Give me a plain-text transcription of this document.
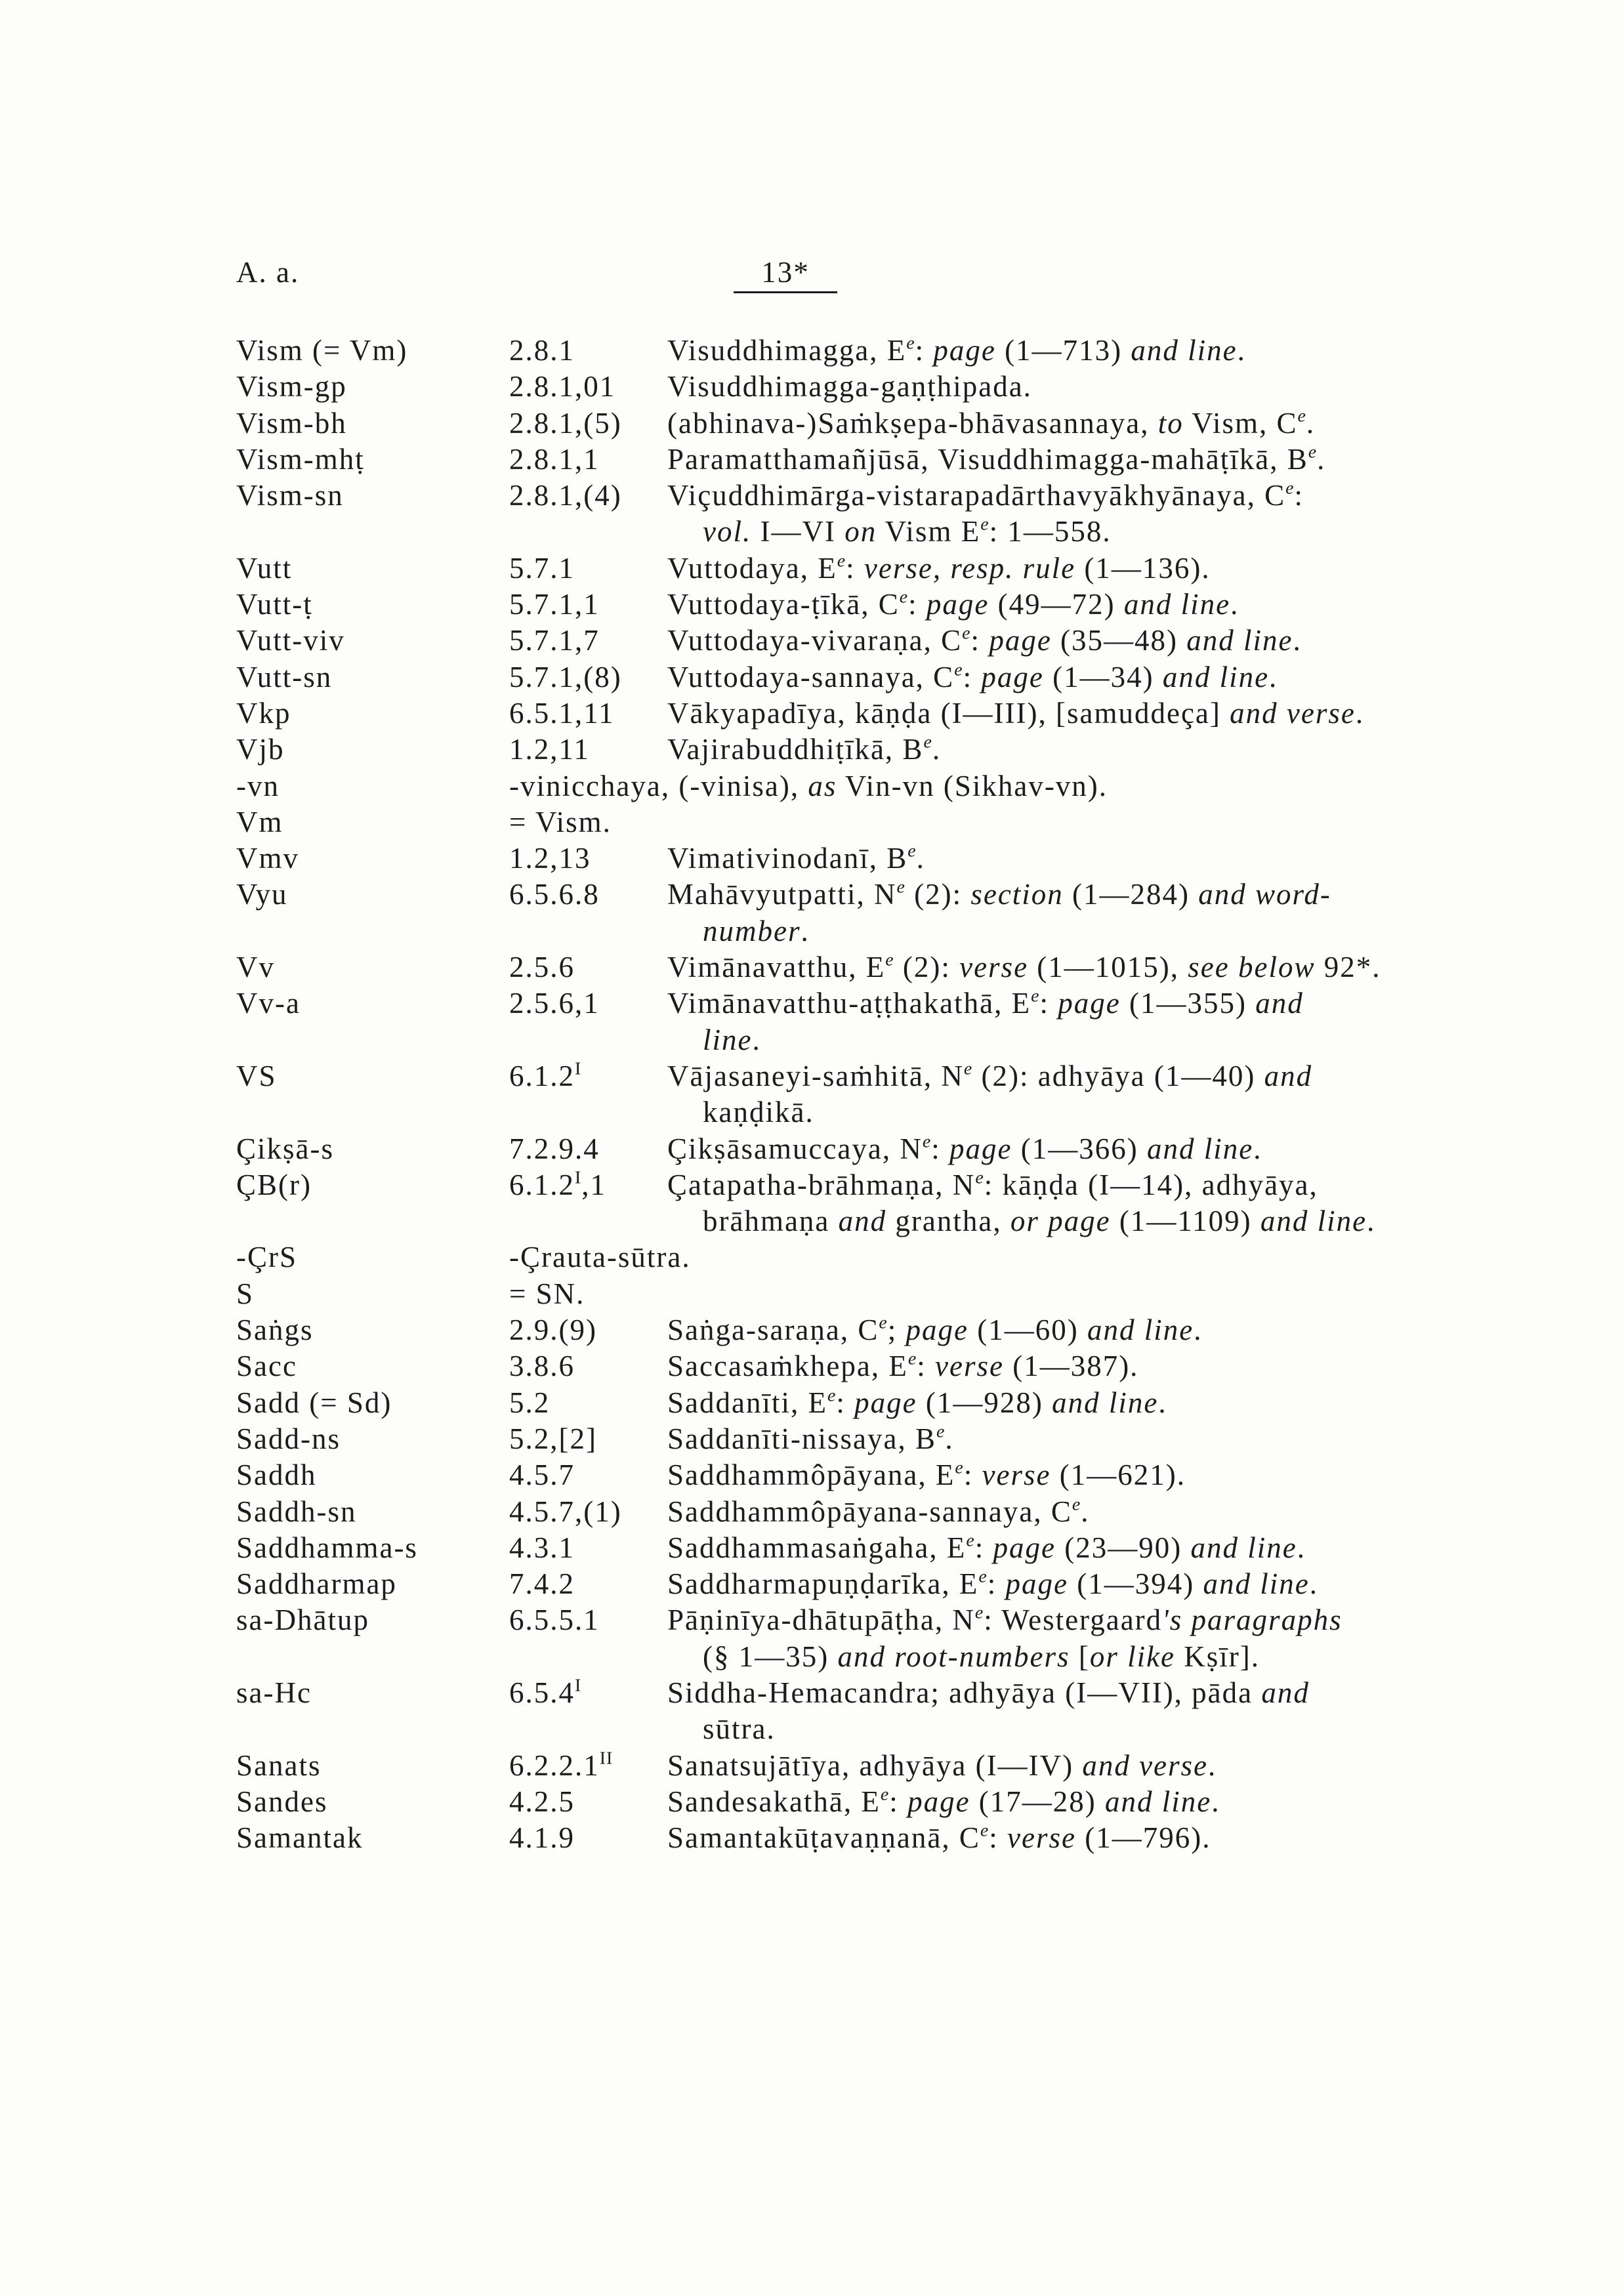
A. a.	13*
Vism (= Vm)	2.8.1	Visuddhimagga, $E^e$: page (1—713) and line.
Vism-gp	2.8.1,01 Visuddhimagga-gaṇṭhipada.
Vism-bh	2.8.1,(5) (abhinava-)Saṁkṣepa-bhāvasannaya, to Vism, Ce.
Vism-mhṭ	2.8.1,1 Paramatthamañjūsā, Visuddhimagga-mahāṭīkā, $B^e$.
Vism-sn	2.8.1,(4) Viçuddhimārga-vistarapadārthavyākhyānaya, Ce:
vol. I—VI on Vism $E^e$: 1—558.
Vutt	5.7.1	Vuttodaya, $E^e$: verse, resp. rule (1—136).
Vutt-ṭ	5.7.1,1 Vuttodaya-ṭīkā, Ce: page (49—72) and line.
Vutt-viv	5.7.1,7 Vuttodaya-vivaraṇa, Ce: page (35—48) and line.
Vutt-sn	5.7.1,(8) Vuttodaya-sannaya, Ce: page (1—34) and line.
Vkp	6.5.1,11 Vākyapadīya, kāṇḍa (I—III), [samuddeça] and verse.
Vjb	1.2,11	Vajirabuddhiṭīkā, $B^e$.
-vn	-vinicchaya, (-vinisa), as Vin-vn (Sikhav-vn).
Vm	= Vism.
Vmv	1.2,13	Vimativinodanī, $B^e$.
Vyu	6.5.6.8 Mahāvyutpatti, $N^e$ (2): section (1—284) and word-
number.
Vv	2.5.6	Vimānavatthu, $E^e$ (2): verse (1—1015), see below 92*.
Vv-a	2.5.6,1 Vimānavatthu-aṭṭhakathā, $E^e$: page (1—355) and
line.
VS	$6.1.2^I$	Vājasaneyi-saṁhitā, $N^e$ (2): adhyāya (1—40) and
kaṇḍikā.
Çikṣā-s	7.2.9.4 Çikṣāsamuccaya, $N^e$: page (1—366) and line.
ÇB(r)	$6.1.2^I,1$ Çatapatha-brāhmaṇa, $N^e$: kāṇḍa (I—14), adhyāya,
brāhmaṇa and grantha, or page (1—1109) and line.
-ÇrS	-Çrauta-sūtra.
S	= SN.
Saṅgs	2.9.(9) Saṅga-saraṇa, Ce; page (1—60) and line.
Sacc	3.8.6	Saccasaṁkhepa, $E^e$: verse (1—387).
Sadd (= Sd)	5.2	Saddanīti, $E^e$: page (1—928) and line.
Sadd-ns	5.2,[2] Saddanīti-nissaya, $B^e$.
Saddh	4.5.7	Saddhammôpāyana, $E^e$: verse (1—621).
Saddh-sn	4.5.7,(1) Saddhammôpāyana-sannaya, Ce.
Saddhamma-s	4.3.1	Saddhammasaṅgaha, $E^e$: page (23—90) and line.
Saddharmap	7.4.2	Saddharmapuṇḍarīka, $E^e$: page (1—394) and line.
sa-Dhātup	6.5.5.1 Pāṇinīya-dhātupāṭha, $N^e$: Westergaard's paragraphs
(§ 1—35) and root-numbers [or like Kṣīr].
sa-Hc	$6.5.4^I$	Siddha-Hemacandra; adhyāya (I—VII), pāda and
sūtra.
Sanats	$6.2.2.1^{II}$ Sanatsujātīya, adhyāya (I—IV) and verse.
Sandes	4.2.5	Sandesakathā, $E^e$: page (17—28) and line.
Samantak	4.1.9	Samantakūṭavaṇṇanā, Ce: verse (1—796).
